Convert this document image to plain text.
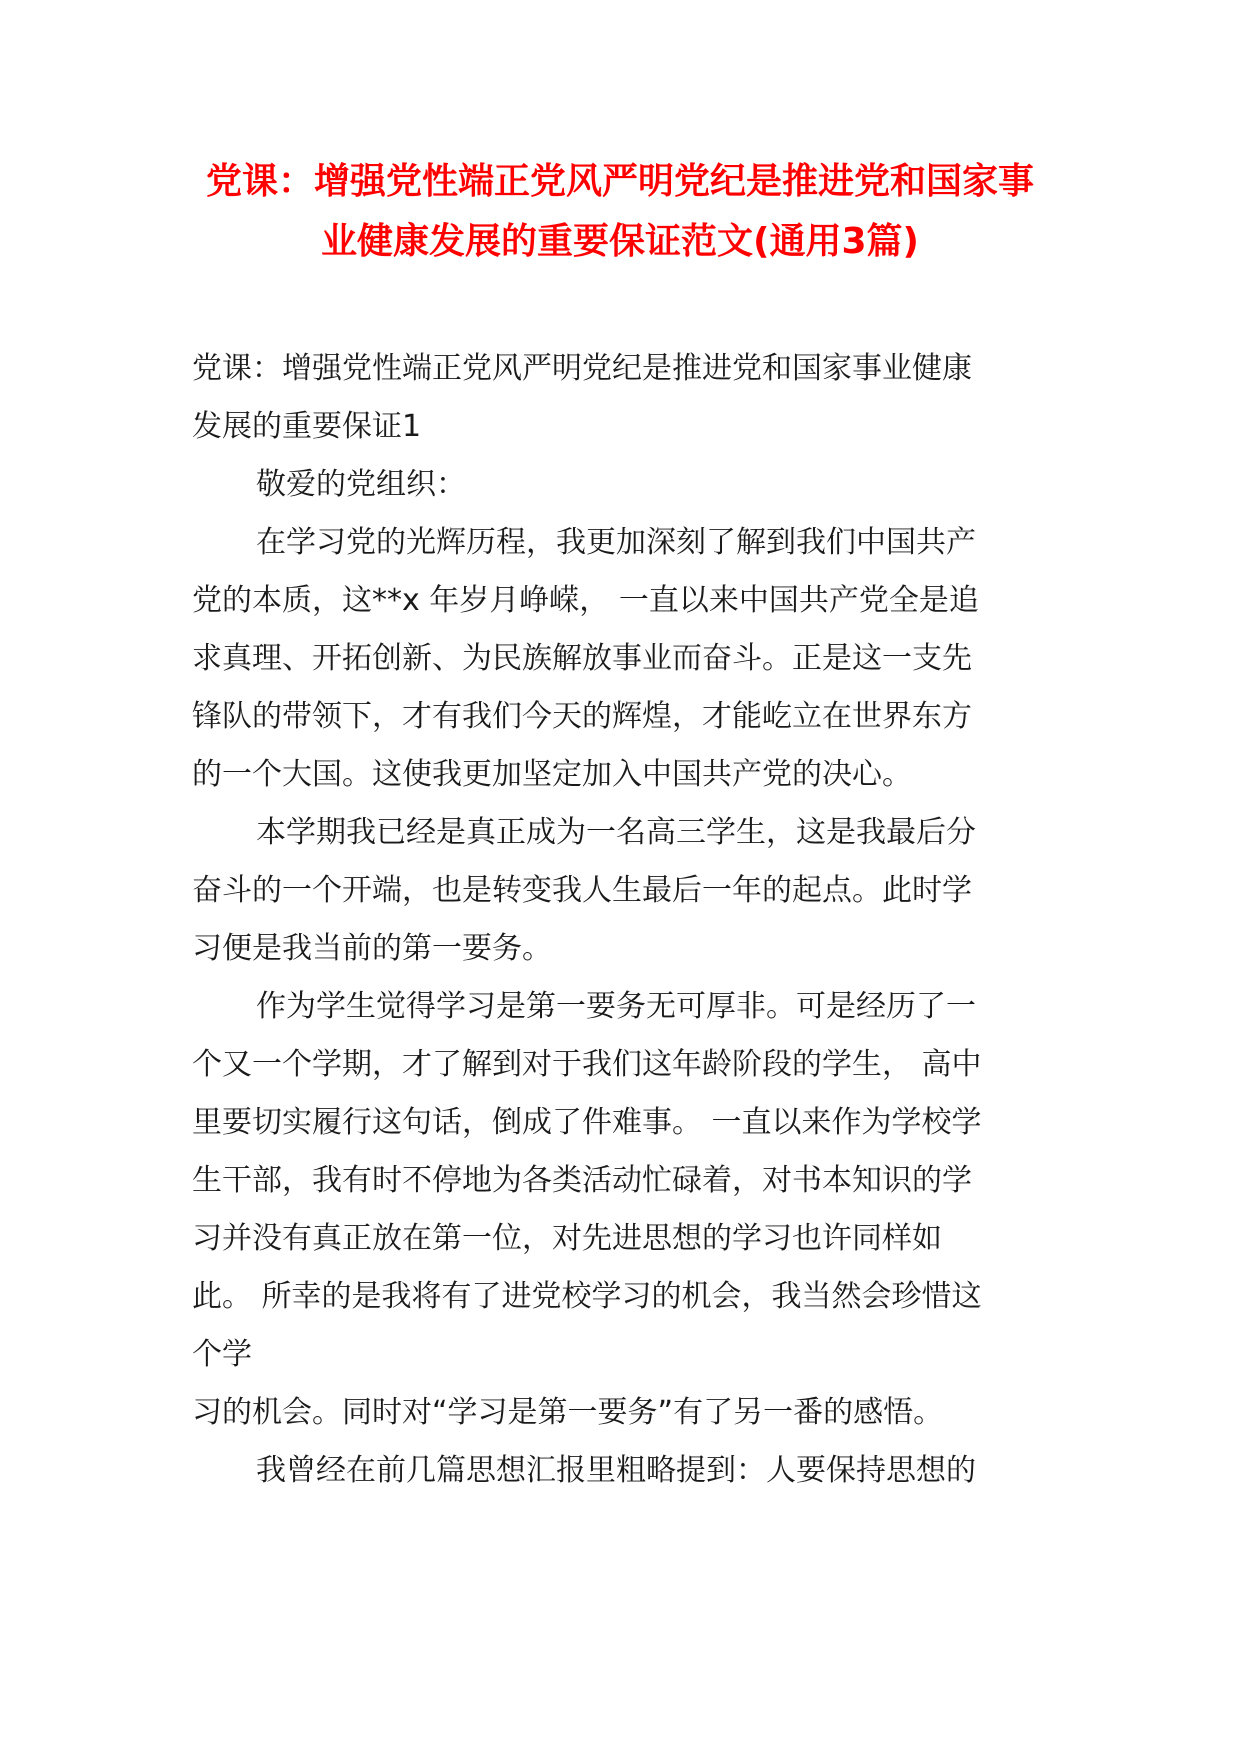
党课：增强党性端正党风严明党纪是推进党和国家事
业健康发展的重要保证范文(通用3篇)

党课：增强党性端正党风严明党纪是推进党和国家事业健康

发展的重要保证1

敬爱的党组织：

在学习党的光辉历程，我更加深刻了解到我们中国共产

党的本质，这**x 年岁月峥嵘， 一直以来中国共产党全是追

求真理、开拓创新、为民族解放事业而奋斗。正是这一支先

锋队的带领下，才有我们今天的辉煌，才能屹立在世界东方

的一个大国。这使我更加坚定加入中国共产党的决心。

本学期我已经是真正成为一名高三学生，这是我最后分

奋斗的一个开端，也是转变我人生最后一年的起点。此时学

习便是我当前的第一要务。

作为学生觉得学习是第一要务无可厚非。可是经历了一

个又一个学期，才了解到对于我们这年龄阶段的学生， 高中

里要切实履行这句话，倒成了件难事。 一直以来作为学校学

生干部，我有时不停地为各类活动忙碌着，对书本知识的学

习并没有真正放在第一位，对先进思想的学习也许同样如

此。 所幸的是我将有了进党校学习的机会，我当然会珍惜这

个学

习的机会。同时对“学习是第一要务”有了另一番的感悟。

我曾经在前几篇思想汇报里粗略提到：人要保持思想的
